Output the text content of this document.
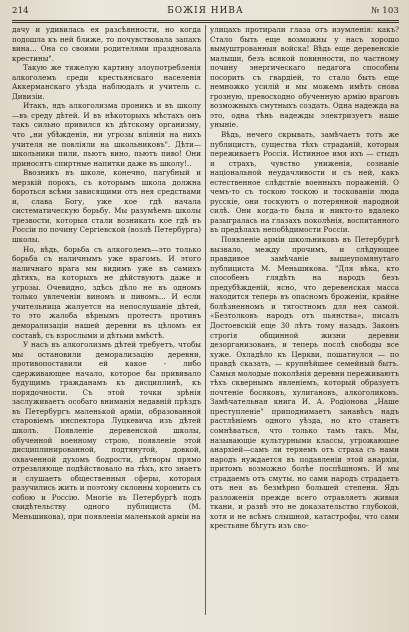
214	БОЖІЯ НИВА	№ 103

дачу и удивилась ея разсѣянности, но когда подошла къ ней ближе, то почувствовала запахъ вина... Она со своими родителями праздновала крестины".

Такую же тяжелую картину злоупотребленія алкоголемъ среди крестьянскаго населенія Аккерманскаго уѣзда наблюдалъ и учитель с. Дивизіи.

Итакъ, ядъ алкоголизма проникъ и въ школу—въ среду дѣтей. И въ нѣкоторыхъ мѣстахъ онъ такъ сильно привился къ дѣтскому организму, что „ни убѣжденія, ни угрозы вліянія на нихъ учителя не повліяли на школьниковъ". Дѣти—школьники пили, пьютъ вино, пьютъ пиво! Они приносятъ спиртные напитки даже въ школу!..

Ввозникъ въ школе, конечно, пагубный и мерзкій порокъ, съ которымъ школа должна бороться всѣми зависящими отъ нея средствами и, слава Богу, уже кое гдѣ начала систематическую борьбу. Мы разумѣемъ школы трезвости, которыя стали возникать кое гдѣ въ Россіи по почину Сергіевской (возлѣ Петербурга) школы.

Но, вѣдь, борьба съ алкоголемъ—это только борьба съ наличнымъ уже врагомъ. И этого наличнаго врага мы видимъ уже въ самихъ дѣтяхъ, на которыхъ не дѣйствуютъ даже и угрозы. Очевидно, здѣсь дѣло не въ одномъ только увлеченіи виномъ и пивомъ... И если учительница жалуется на непослушаніе дѣтей, то это жалоба вѣрнымъ протестъ противъ деморализаціи нашей деревни въ цѣломъ ея составѣ, съ взрослыми и дѣтьми вмѣстѣ.

У насъ въ алкоголизмъ дѣтей требуетъ, чтобы мы остановили деморализацію деревни, противопоставили ей какое - либо сдерживающее начало, которое бы прививало будущимъ гражданамъ къ дисциплинѣ, къ порядочности. Съ этой точки зрѣнія заслуживаетъ особаго вниманія недавній прѣздъ въ Петербургъ маленькой арміи, образованной старовіемъ инспектора Луцкевича изъ дѣтей школъ. Появленіе деревенской школы, обученной военному строю, появленіе этой дисциплинированной, подтянутой, довкой, охваченной духомъ бодрости, дѣтворы прямо отрезвляюще подѣйствовало на тѣхъ, кто знаетъ и слушаетъ общественныя сферы, которыя разучились жить и поэтому склонны хоронить съ собою и Россію. Многіе въ Петербургѣ подъ свидѣтельству одного публициста (М. Меньшикова), при появленіи маленькой арміи на

улицахъ протирали глаза отъ изумленія: какъ? Стало быть еще возможны у насъ хорошо вымуштрованныя войска! Вѣдь еще деревенскіе малыши, безъ всякой повинности, по частному почину энергическаго педагога способны посорить съ гвардіей, то стало быть еще немножко усилій и мы можемъ имѣть снова грозную, превосходно обученную армію враговъ возможныхъ смутныхъ создать. Одна надежда на это, одна тѣнь надежды электризуетъ наше уныніе.

Вѣдь, нечего скрывать, замѣчаетъ тотъ же публицистъ, существа тѣхъ страданій, которыя переживаетъ Россія. Истинное имя ихъ — стыдъ и страхъ, чувство униженія, сознаніе національной неудачливости и съ ней, какъ естественное слѣдствіе военныхъ пораженій. О чемъ-то съ тоскою тоскою и тоскованіи люда русскіе, они тоскуютъ о потерянной народной силѣ. Они когда-то была и никто-то вдалеко разыгралась на глазахъ поколѣнія, воспитанного въ предѣлахъ непобѣдимости Россіи.

Появленіе арміи школьниковъ въ Петербургѣ вызвало, между прочимъ, и слѣдующее правдивое замѣчаніе вышеупомянутаго публициста М. Меньшикова. "Для вѣка, кто способенъ глядѣть на народъ безъ предубѣжденій, ясно, что деревенская масса находится теперь въ опасномъ броженіи, крайне болѣзненномъ и тягостномъ для нея самой. «Безтолковъ народъ отъ пьянства», писалъ Достоевскій еще 30 лѣтъ тому назадъ. Законъ строгія общинной жизни деревни дезорганизованъ, и теперь послѣ свободы все хуже. Охладѣло къ Церкви, пошатнулся — по правдѣ сказать, — крупнѣйшее семейный бытъ. Самыя молодые поколѣнія деревни переживаютъ тѣхъ сквернымъ явленіемъ, который образуетъ почтеніе босяковъ, хулигановъ, алкоголиковъ. Замѣчательная книга И. А. Родіонова „Наше преступленіе" приподнимаетъ занавѣсъ надъ растлѣніемъ одного уѣзда, но кто станетъ сомнѣваться, что только тамъ такъ. Мы, называющіе культурными классы, угрожающее анархіей—самъ ли теряемъ отъ страха съ нами народъ нуждается въ подавленіи этой анархіи, притомъ возможно болѣе поспѣшномъ. И мы страдаемъ отъ смуты, но сами народъ страдаетъ отъ нея въ безмѣрно большей степени. Ядъ разложенія прежде всего отравляетъ живыя ткани, и развѣ это не доказательство глубокой, хотя и не всѣмъ слышной, катастрофы, что сами крестьяне бѣгутъ изъ сво-
